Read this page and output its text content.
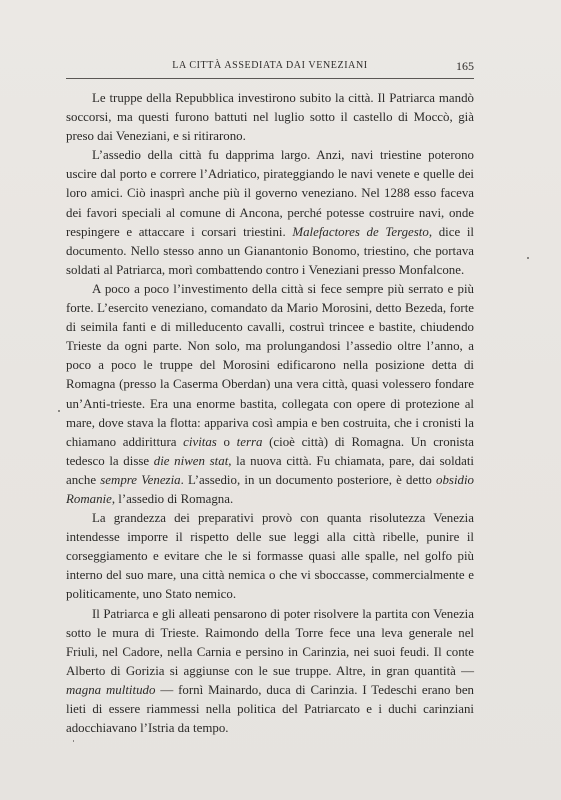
LA CITTÀ ASSEDIATA DAI VENEZIANI	165

Le truppe della Repubblica investirono subito la città. Il Patriarca mandò soccorsi, ma questi furono battuti nel luglio sotto il castello di Moccò, già preso dai Veneziani, e si ritirarono.

L’assedio della città fu dapprima largo. Anzi, navi triestine poterono uscire dal porto e correre l’Adriatico, pirateggiando le navi venete e quelle dei loro amici. Ciò inasprì anche più il governo veneziano. Nel 1288 esso faceva dei favori speciali al comune di Ancona, perché potesse costruire navi, onde respingere e attaccare i corsari triestini. Malefactores de Tergesto, dice il documento. Nello stesso anno un Gianantonio Bonomo, triestino, che portava soldati al Patriarca, morì combattendo contro i Veneziani presso Monfalcone.

A poco a poco l’investimento della città si fece sempre più serrato e più forte. L’esercito veneziano, comandato da Mario Morosini, detto Bezeda, forte di seimila fanti e di milleducento cavalli, costruì trincee e bastite, chiudendo Trieste da ogni parte. Non solo, ma prolungandosi l’assedio oltre l’anno, a poco a poco le truppe del Morosini edificarono nella posizione detta di Romagna (presso la Caserma Oberdan) una vera città, quasi volessero fondare un’Anti-trieste. Era una enorme bastita, collegata con opere di protezione al mare, dove stava la flotta: appariva così ampia e ben costruita, che i cronisti la chiamano addirittura civitas o terra (cioè città) di Romagna. Un cronista tedesco la disse die niwen stat, la nuova città. Fu chiamata, pare, dai soldati anche sempre Venezia. L’assedio, in un documento posteriore, è detto obsidio Romanie, l’assedio di Romagna.

La grandezza dei preparativi provò con quanta risolutezza Venezia intendesse imporre il rispetto delle sue leggi alla città ribelle, punire il corseggiamento e evitare che le si formasse quasi alle spalle, nel golfo più interno del suo mare, una città nemica o che vi sboccasse, commercialmente e politicamente, uno Stato nemico.

Il Patriarca e gli alleati pensarono di poter risolvere la partita con Venezia sotto le mura di Trieste. Raimondo della Torre fece una leva generale nel Friuli, nel Cadore, nella Carnia e persino in Carinzia, nei suoi feudi. Il conte Alberto di Gorizia si aggiunse con le sue truppe. Altre, in gran quantità — magna multitudo — fornì Mainardo, duca di Carinzia. I Tedeschi erano ben lieti di essere riammessi nella politica del Patriarcato e i duchi carinziani adocchiavano l’Istria da tempo.
